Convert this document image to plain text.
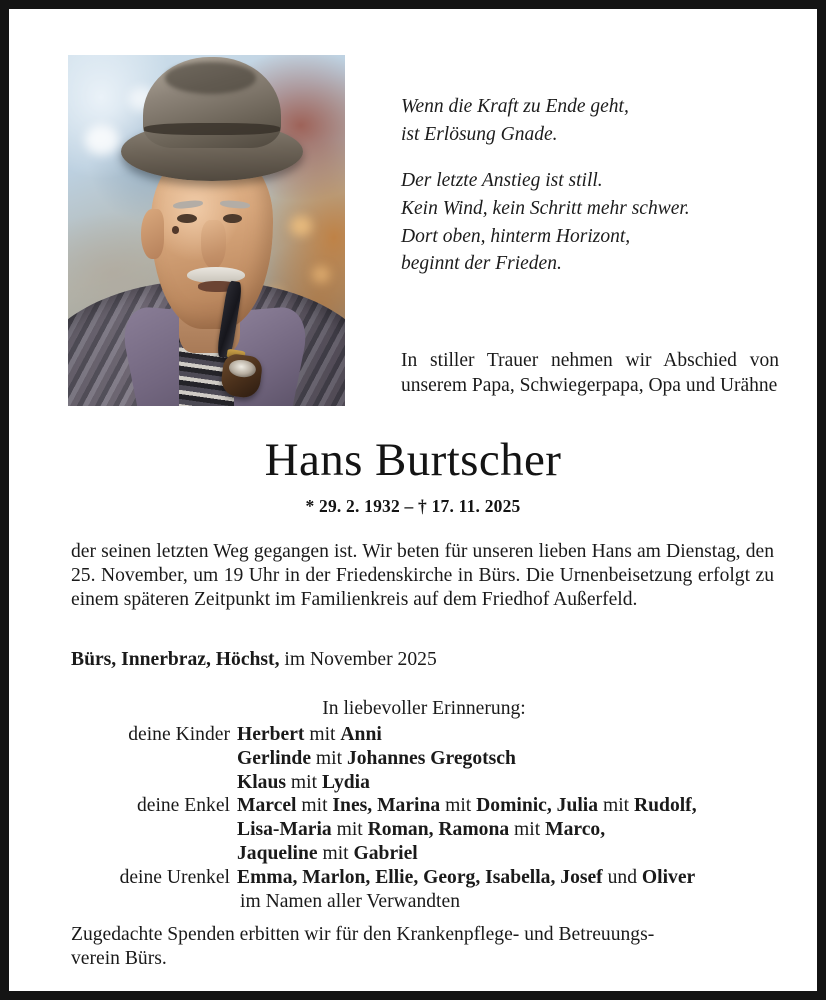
Wenn die Kraft zu Ende geht,
ist Erlösung Gnade.
Der letzte Anstieg ist still.
Kein Wind, kein Schritt mehr schwer.
Dort oben, hinterm Horizont,
beginnt der Frieden.
In stiller Trauer nehmen wir Abschied von unserem Papa, Schwiegerpapa, Opa und Urähne
Hans Burtscher
* 29. 2. 1932 – † 17. 11. 2025
der seinen letzten Weg gegangen ist. Wir beten für unseren lieben Hans am Dienstag, den 25. November, um 19 Uhr in der Friedenskirche in Bürs. Die Urnenbeisetzung erfolgt zu einem späteren Zeitpunkt im Familienkreis auf dem Friedhof Außerfeld.
Bürs, Innerbraz, Höchst, im November 2025
In liebevoller Erinnerung:
deine Kinder Herbert mit Anni
Gerlinde mit Johannes Gregotsch
Klaus mit Lydia
deine Enkel Marcel mit Ines, Marina mit Dominic, Julia mit Rudolf,
Lisa-Maria mit Roman, Ramona mit Marco,
Jaqueline mit Gabriel
deine Urenkel Emma, Marlon, Ellie, Georg, Isabella, Josef und Oliver
im Namen aller Verwandten
Zugedachte Spenden erbitten wir für den Krankenpflege- und Betreuungs-
verein Bürs.
